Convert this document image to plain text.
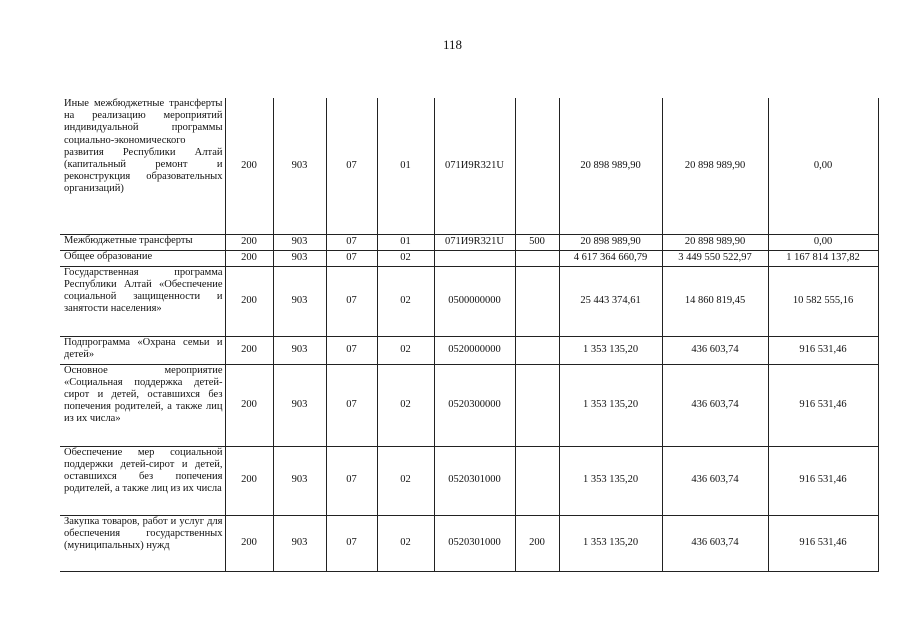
118
Иные межбюджетные трансферты на реализацию мероприятий индивидуальной программы социально-экономического развития Республики Алтай (капитальный ремонт и реконструкция образовательных организаций)	200	903	07	01	071И9R321U		20 898 989,90	20 898 989,90	0,00
Межбюджетные трансферты	200	903	07	01	071И9R321U	500	20 898 989,90	20 898 989,90	0,00
Общее образование	200	903	07	02			4 617 364 660,79	3 449 550 522,97	1 167 814 137,82
Государственная программа Республики Алтай «Обеспечение социальной защищенности и занятости населения»	200	903	07	02	0500000000		25 443 374,61	14 860 819,45	10 582 555,16
Подпрограмма «Охрана семьи и детей»	200	903	07	02	0520000000		1 353 135,20	436 603,74	916 531,46
Основное мероприятие «Социальная поддержка детей-сирот и детей, оставшихся без попечения родителей, а также лиц из их числа»	200	903	07	02	0520300000		1 353 135,20	436 603,74	916 531,46
Обеспечение мер социальной поддержки детей-сирот и детей, оставшихся без попечения родителей, а также лиц из их числа	200	903	07	02	0520301000		1 353 135,20	436 603,74	916 531,46
Закупка товаров, работ и услуг для обеспечения государственных (муниципальных) нужд	200	903	07	02	0520301000	200	1 353 135,20	436 603,74	916 531,46
